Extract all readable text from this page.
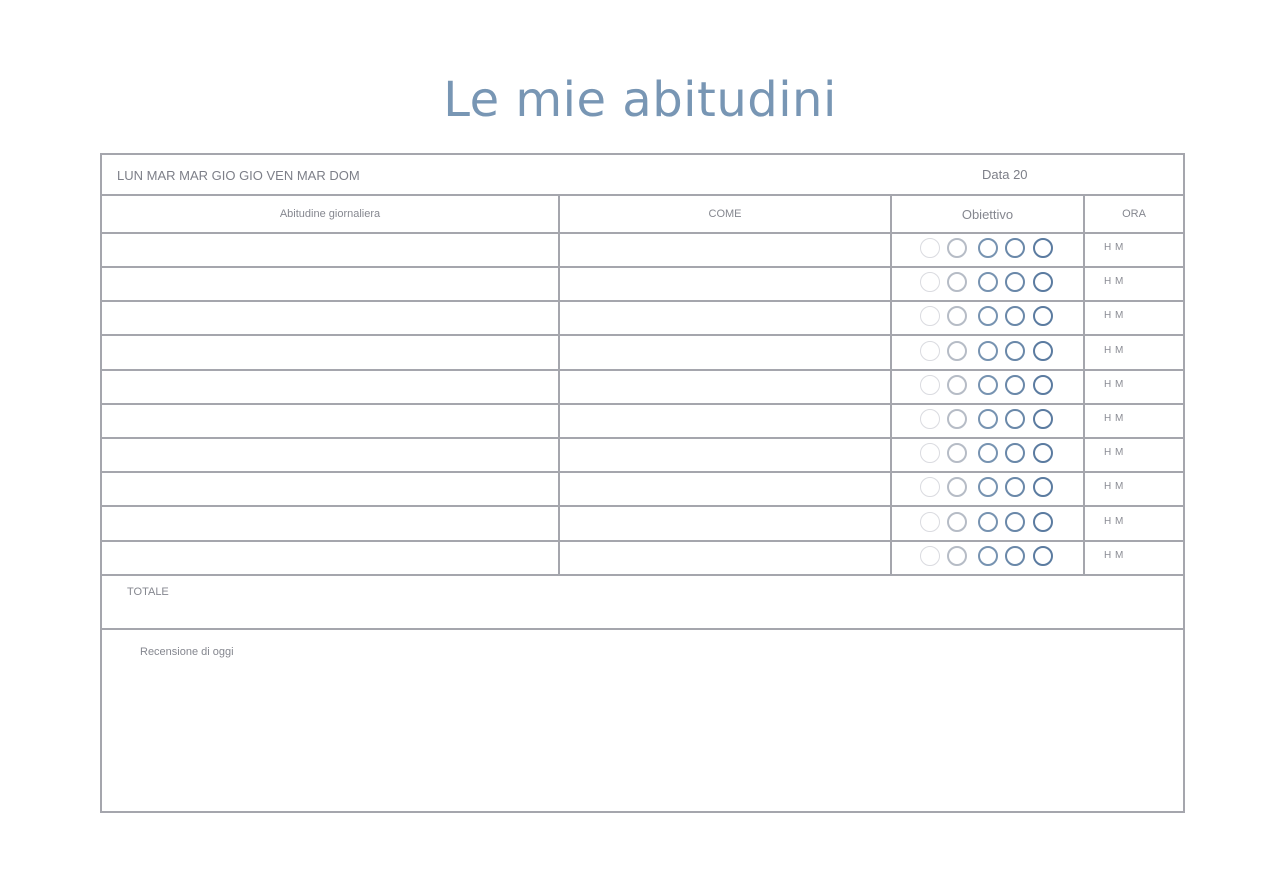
Le mie abitudini
LUN MAR MAR GIO GIO VEN MAR DOM	Data 20
Abitudine giornaliera	COME	Obiettivo	ORA
H M
H M
H M
H M
H M
H M
H M
H M
H M
H M
TOTALE
Recensione di oggi
